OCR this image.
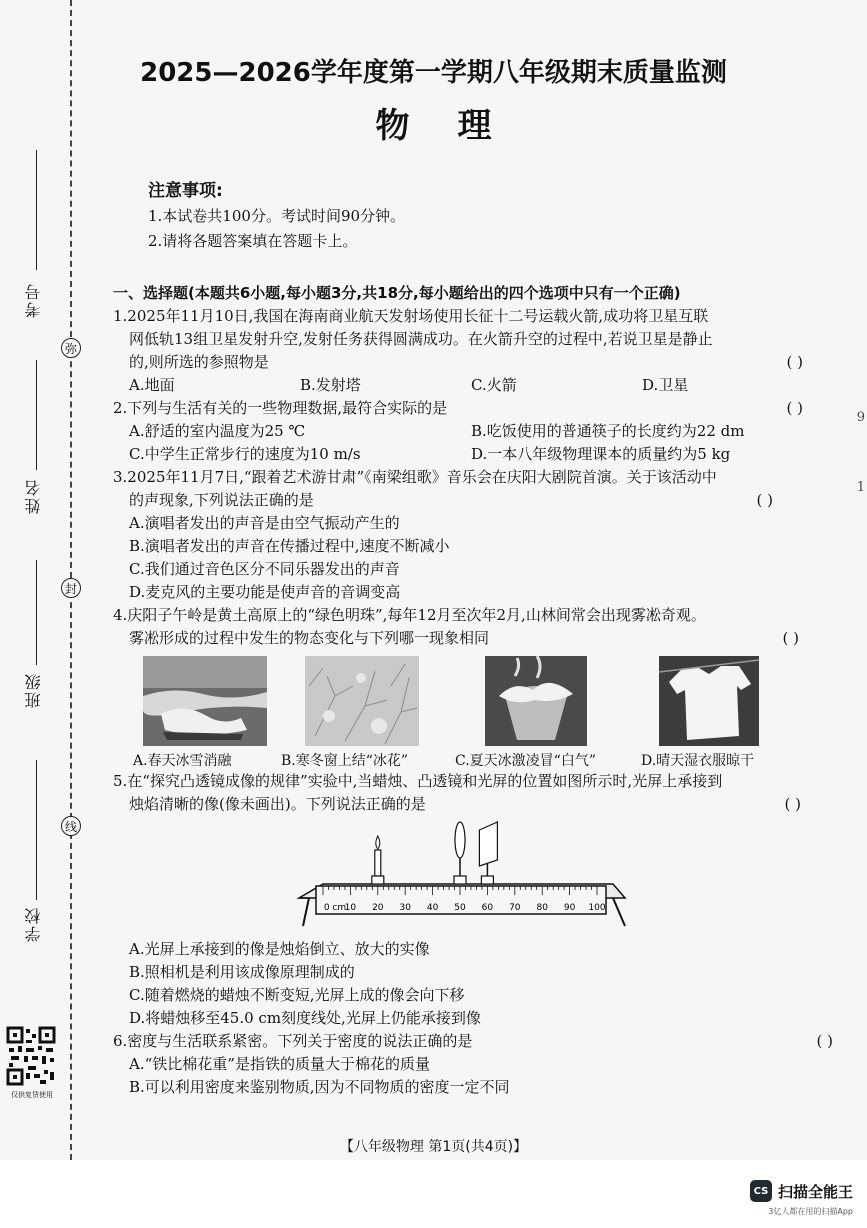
考号
姓名
班级
学校
弥
封
线
仅供复赁使用
2025—2026学年度第一学期八年级期末质量监测
物理
注意事项:
1.本试卷共100分。考试时间90分钟。
2.请将各题答案填在答题卡上。
一、选择题(本题共6小题,每小题3分,共18分,每小题给出的四个选项中只有一个正确)
1.2025年11月10日,我国在海南商业航天发射场使用长征十二号运载火箭,成功将卫星互联
网低轨13组卫星发射升空,发射任务获得圆满成功。在火箭升空的过程中,若说卫星是静止
的,则所选的参照物是	( )
A.地面	B.发射塔	C.火箭	D.卫星
2.下列与生活有关的一些物理数据,最符合实际的是	( )
A.舒适的室内温度为25 ℃	B.吃饭使用的普通筷子的长度约为22 dm
C.中学生正常步行的速度为10 m/s	D.一本八年级物理课本的质量约为5 kg
3.2025年11月7日,“跟着艺术游甘肃”《南梁组歌》音乐会在庆阳大剧院首演。关于该活动中
的声现象,下列说法正确的是	( )
A.演唱者发出的声音是由空气振动产生的
B.演唱者发出的声音在传播过程中,速度不断减小
C.我们通过音色区分不同乐器发出的声音
D.麦克风的主要功能是使声音的音调变高
4.庆阳子午岭是黄土高原上的“绿色明珠”,每年12月至次年2月,山林间常会出现雾凇奇观。
雾凇形成的过程中发生的物态变化与下列哪一现象相同	( )
A.春天冰雪消融	B.寒冬窗上结“冰花”	C.夏天冰激凌冒“白气”	D.晴天湿衣服晾干
5.在“探究凸透镜成像的规律”实验中,当蜡烛、凸透镜和光屏的位置如图所示时,光屏上承接到
烛焰清晰的像(像未画出)。下列说法正确的是	( )
0 cm
10 20 30 40 50 60 70 80 90 100
A.光屏上承接到的像是烛焰倒立、放大的实像
B.照相机是利用该成像原理制成的
C.随着燃烧的蜡烛不断变短,光屏上成的像会向下移
D.将蜡烛移至45.0 cm刻度线处,光屏上仍能承接到像
6.密度与生活联系紧密。下列关于密度的说法正确的是	( )
A.“铁比棉花重”是指铁的质量大于棉花的质量
B.可以利用密度来鉴别物质,因为不同物质的密度一定不同
9
1
【八年级物理 第1页(共4页)】
CS 扫描全能王
3亿人都在用的扫描App
